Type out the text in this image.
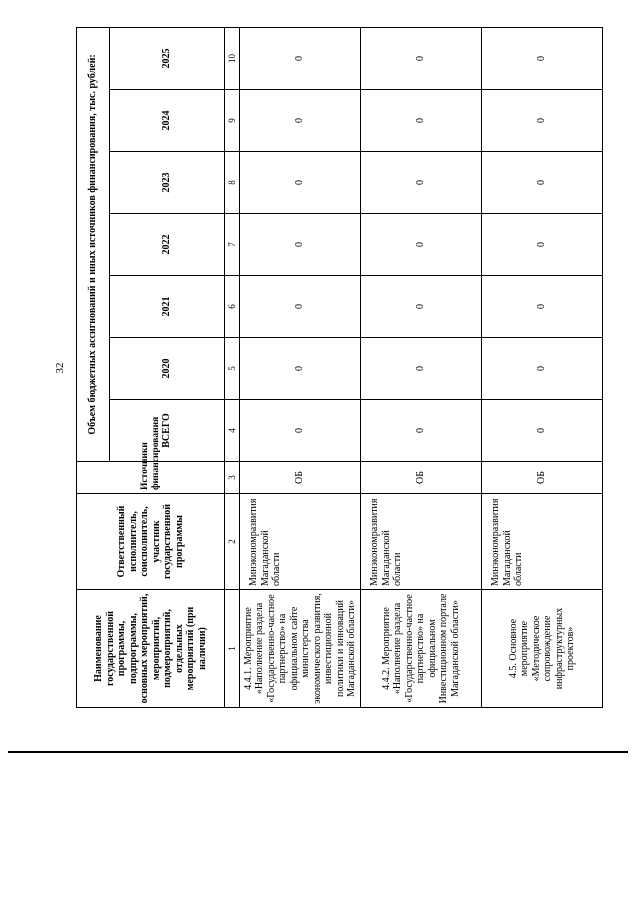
32
Наименование государственной программы, подпрограммы, основных мероприятий, мероприятий, подмероприятий, отдельных мероприятий (при наличии)	Ответственный исполнитель, соисполнитель, участник государственной программы	Источники финансирования	Объем бюджетных ассигнований и иных источников финансирования, тыс. рублей:						
			ВСЕГО	2020	2021	2022	2023	2024	2025
1	2	3	4	5	6	7	8	9	10
4.4.1. Мероприятие «Наполнение раздела «Государственно-частное партнерство» на официальном сайте министерства экономического развития, инвестиционной политики и инноваций Магаданской области»	Минэкономразвития Магаданской области	ОБ	0	0	0	0	0	0	0
4.4.2. Мероприятие «Наполнение раздела «Государственно-частное партнерство» на официальном Инвестиционном портале Магаданской области»	Минэкономразвития Магаданской области	ОБ	0	0	0	0	0	0	0
4.5. Основное мероприятие «Методическое сопровождение инфраструктурных проектов»	Минэкономразвития Магаданской области	ОБ	0	0	0	0	0	0	0
